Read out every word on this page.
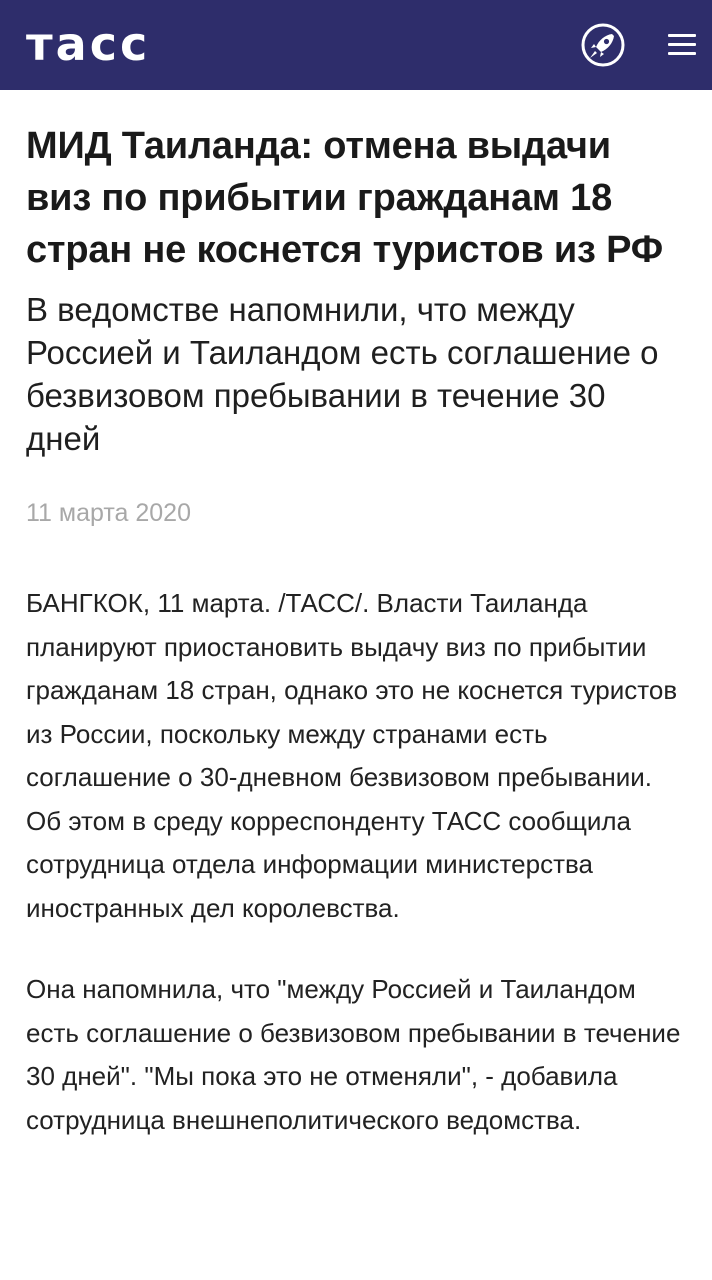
тасс
МИД Таиланда: отмена выдачи виз по прибытии гражданам 18 стран не коснется туристов из РФ
В ведомстве напомнили, что между Россией и Таиландом есть соглашение о безвизовом пребывании в течение 30 дней
11 марта 2020

БАНГКОК, 11 марта. /ТАСС/. Власти Таиланда планируют приостановить выдачу виз по прибытии гражданам 18 стран, однако это не коснется туристов из России, поскольку между странами есть соглашение о 30-дневном безвизовом пребывании. Об этом в среду корреспонденту ТАСС сообщила сотрудница отдела информации министерства иностранных дел королевства.

Она напомнила, что "между Россией и Таиландом есть соглашение о безвизовом пребывании в течение 30 дней". "Мы пока это не отменяли", - добавила сотрудница внешнеполитического ведомства.
